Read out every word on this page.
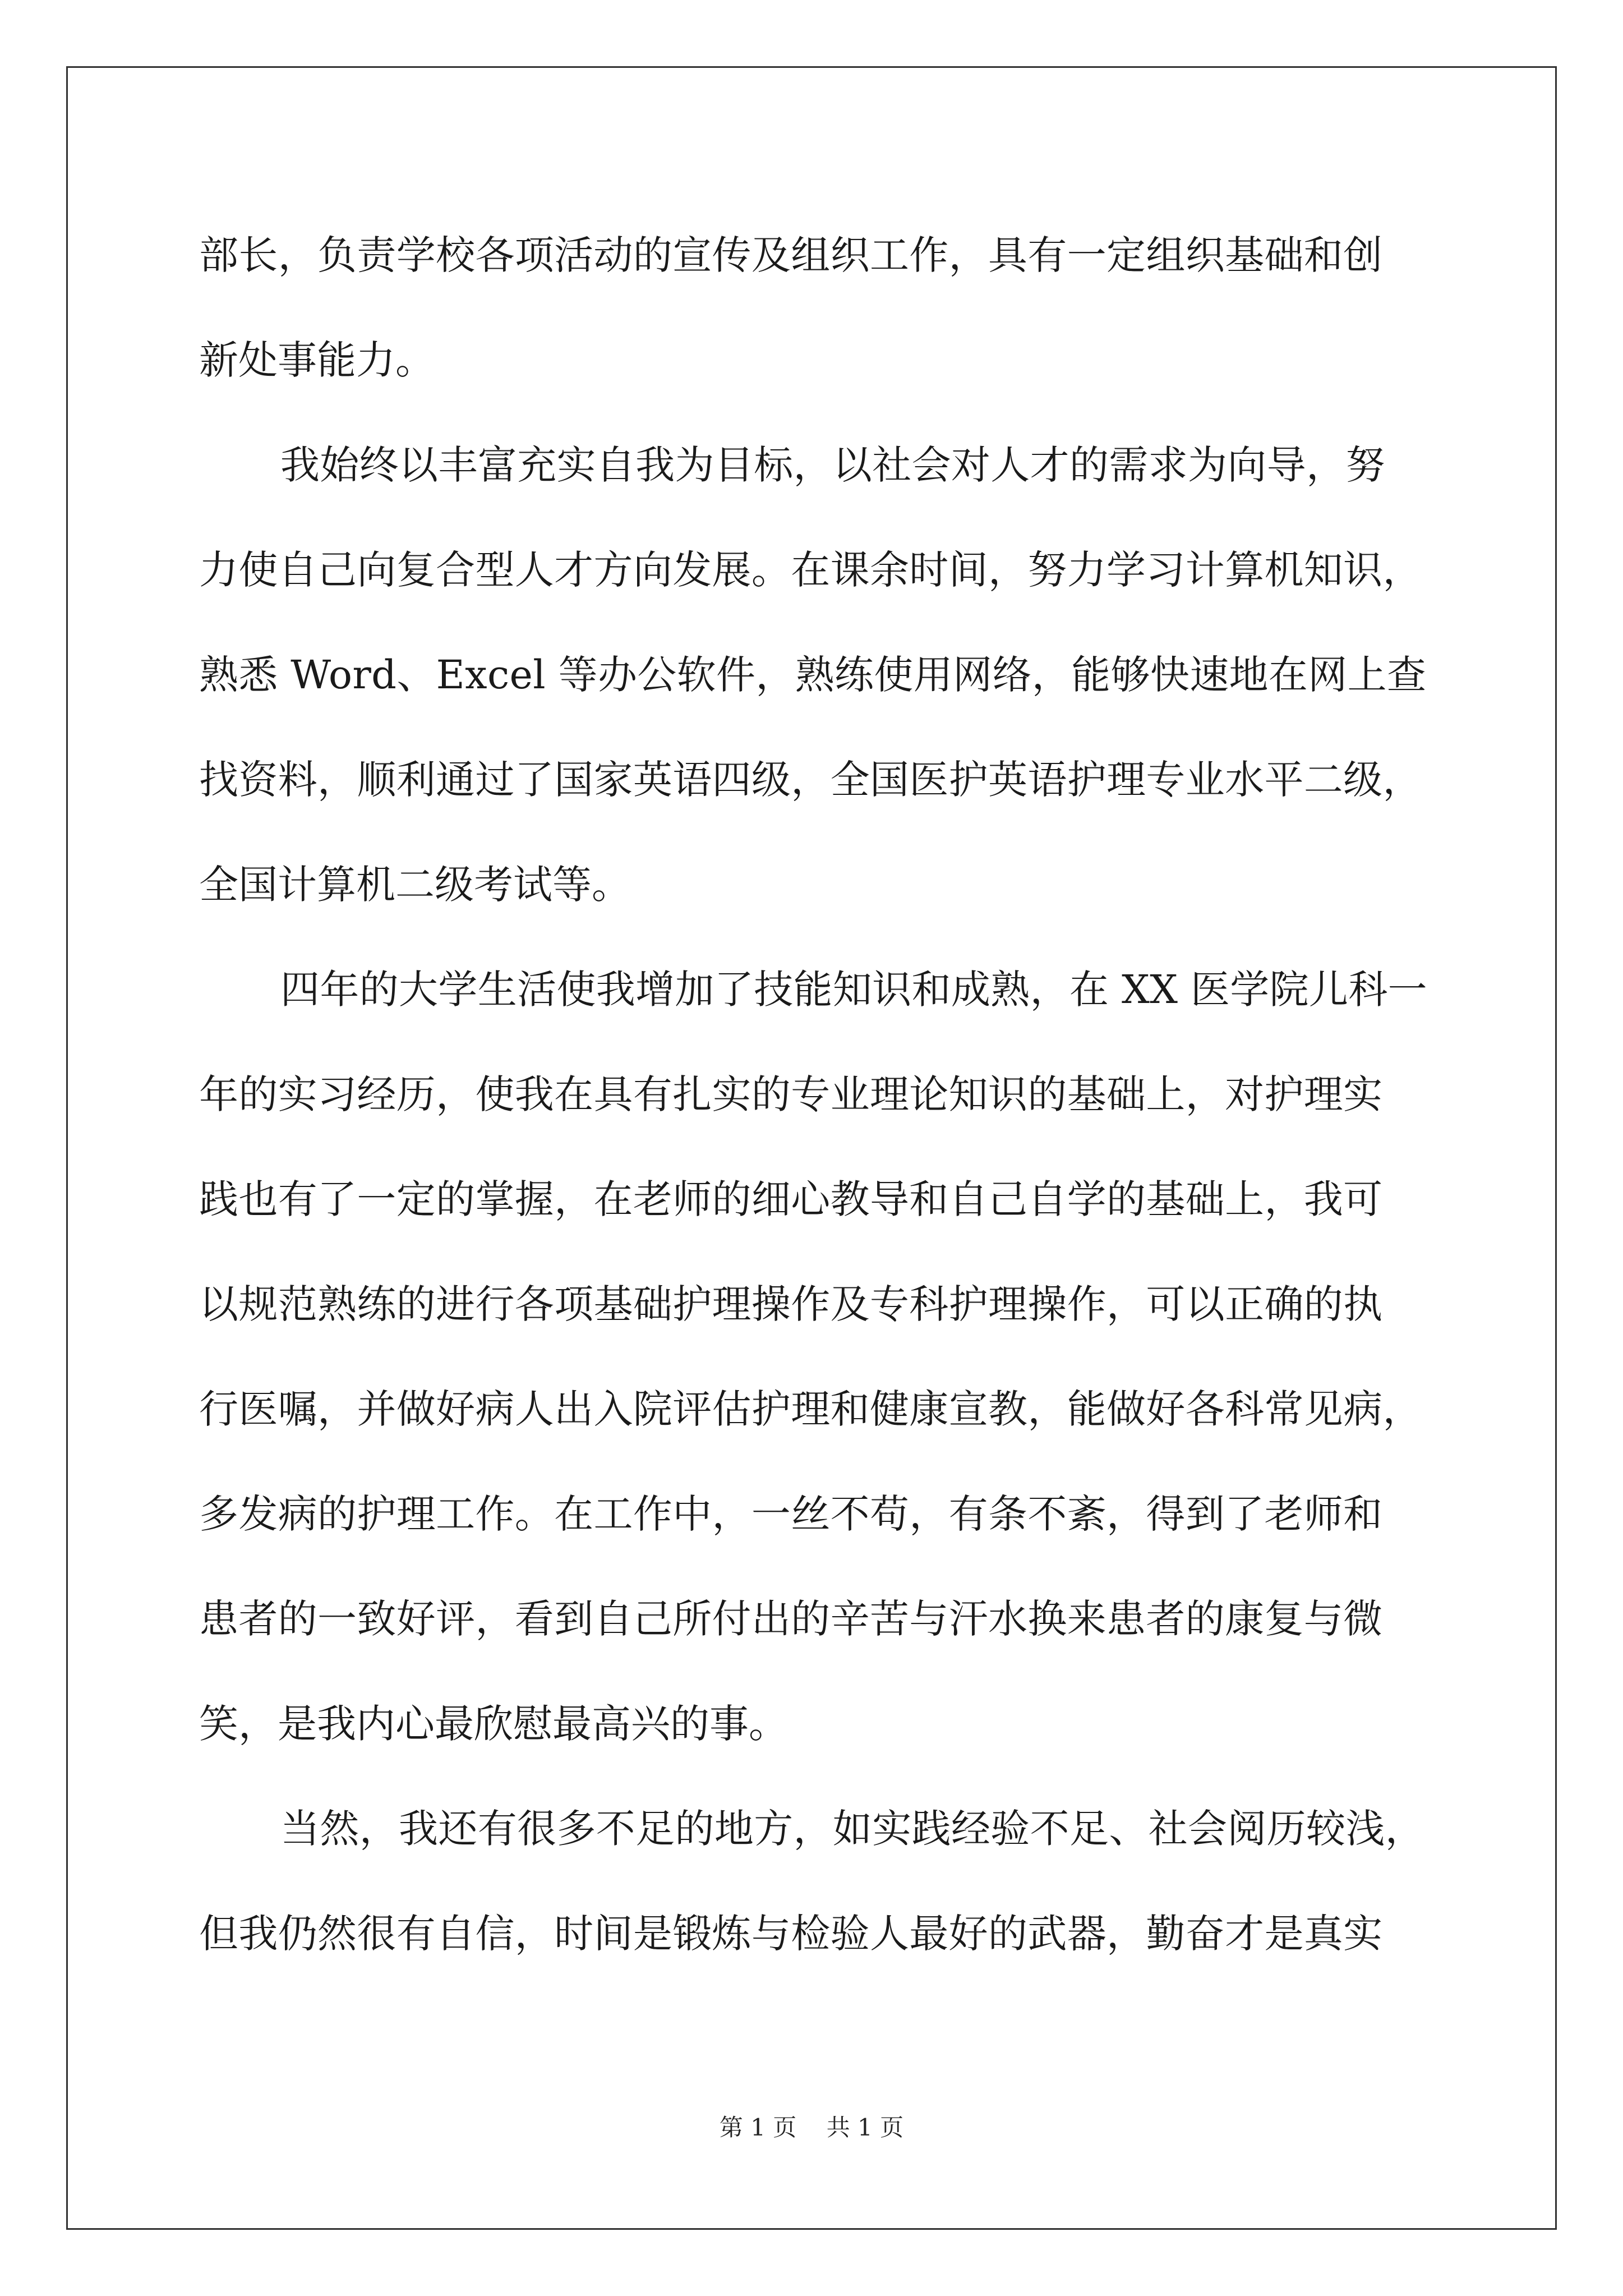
部长，负责学校各项活动的宣传及组织工作，具有一定组织基础和创
新处事能力。
我始终以丰富充实自我为目标，以社会对人才的需求为向导，努
力使自己向复合型人才方向发展。在课余时间，努力学习计算机知识，
熟悉 Word、Excel 等办公软件，熟练使用网络，能够快速地在网上查
找资料，顺利通过了国家英语四级，全国医护英语护理专业水平二级，
全国计算机二级考试等。
四年的大学生活使我增加了技能知识和成熟，在 XX 医学院儿科一
年的实习经历，使我在具有扎实的专业理论知识的基础上，对护理实
践也有了一定的掌握，在老师的细心教导和自己自学的基础上，我可
以规范熟练的进行各项基础护理操作及专科护理操作，可以正确的执
行医嘱，并做好病人出入院评估护理和健康宣教，能做好各科常见病，
多发病的护理工作。在工作中，一丝不苟，有条不紊，得到了老师和
患者的一致好评，看到自己所付出的辛苦与汗水换来患者的康复与微
笑，是我内心最欣慰最高兴的事。
当然，我还有很多不足的地方，如实践经验不足、社会阅历较浅，
但我仍然很有自信，时间是锻炼与检验人最好的武器，勤奋才是真实
第 1 页    共 1 页
